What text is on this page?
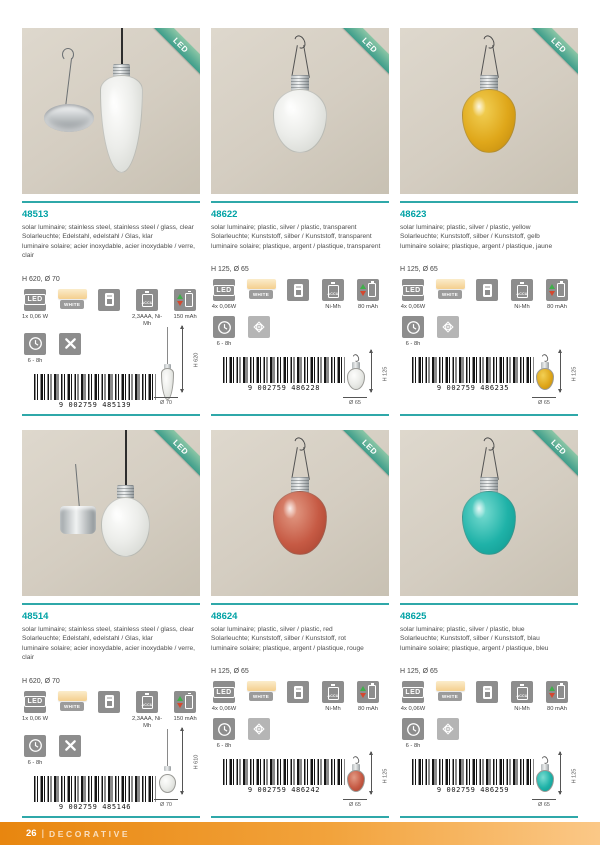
LED
48513
solar luminaire; stainless steel, stainless steel / glass, clear
Solarleuchte; Edelstahl, edelstahl / Glas, klar
luminaire solaire; acier inoxydable, acier inoxydable / verre, clair
H 620, Ø 70
LED
1x 0,06 W
WHITE	ACCU
2,3AAA, Ni-Mh
150 mAh
6 - 8h
9 002759 485139
H 620
Ø 70
LED
48622
solar luminaire; plastic, silver / plastic, transparent
Solarleuchte; Kunststoff, silber / Kunststoff, transparent
luminaire solaire; plastique, argent / plastique, transparent
H 125, Ø 65
LED
4x 0,06W
WHITE	ACCU
Ni-Mh	80 mAh
6 - 8h
9 002759 486228
H 125
Ø 65
LED
48623
solar luminaire; plastic, silver / plastic, yellow
Solarleuchte; Kunststoff, silber / Kunststoff, gelb
luminaire solaire; plastique, argent / plastique, jaune
H 125, Ø 65
LED
4x 0,06W
WHITE	ACCU
Ni-Mh	80 mAh
6 - 8h
9 002759 486235
H 125
Ø 65
LED
48514
solar luminaire; stainless steel, stainless steel / glass, clear
Solarleuchte; Edelstahl, edelstahl / Glas, klar
luminaire solaire; acier inoxydable, acier inoxydable / verre, clair
H 620, Ø 70
LED
1x 0,06 W
WHITE	ACCU
2,3AAA, Ni-Mh
150 mAh
6 - 8h
9 002759 485146
H 610
Ø 70
LED
48624
solar luminaire; plastic, silver / plastic, red
Solarleuchte; Kunststoff, silber / Kunststoff, rot
luminaire solaire; plastique, argent / plastique, rouge
H 125, Ø 65
LED
4x 0,06W
WHITE	ACCU
Ni-Mh	80 mAh
6 - 8h
9 002759 486242
H 125
Ø 65
LED
48625
solar luminaire; plastic, silver / plastic, blue
Solarleuchte; Kunststoff, silber / Kunststoff, blau
luminaire solaire; plastique, argent / plastique, bleu
H 125, Ø 65
LED
4x 0,06W
WHITE	ACCU
Ni-Mh	80 mAh
6 - 8h
9 002759 486259
H 125
Ø 65
26 | DECORATIVE
